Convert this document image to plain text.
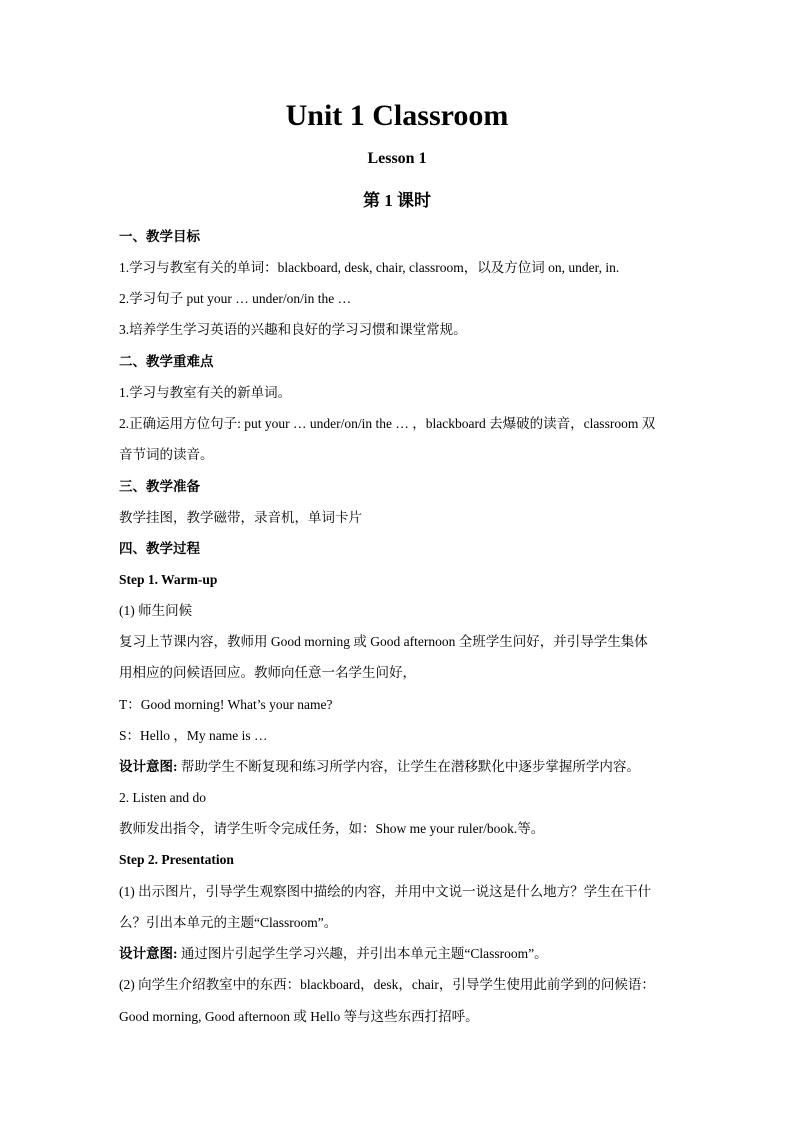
Unit 1 Classroom
Lesson 1
第 1 课时
一、教学目标
1.学习与教室有关的单词：blackboard, desk, chair, classroom，以及方位词 on, under, in.
2.学习句子 put your … under/on/in the …
3.培养学生学习英语的兴趣和良好的学习习惯和课堂常规。
二、教学重难点
1.学习与教室有关的新单词。
2.正确运用方位句子: put your … under/on/in the … ，blackboard 去爆破的读音，classroom 双
音节词的读音。
三、教学准备
教学挂图，教学磁带，录音机，单词卡片
四、教学过程
Step 1. Warm-up
(1) 师生问候
复习上节课内容，教师用 Good morning 或 Good afternoon 全班学生问好，并引导学生集体
用相应的问候语回应。教师向任意一名学生问好，
T：Good morning! What’s your name?
S：Hello ，My name is …
设计意图: 帮助学生不断复现和练习所学内容，让学生在潜移默化中逐步掌握所学内容。
2. Listen and do
教师发出指令，请学生听令完成任务，如：Show me your ruler/book.等。
Step 2. Presentation
(1) 出示图片，引导学生观察图中描绘的内容，并用中文说一说这是什么地方？学生在干什
么？引出本单元的主题“Classroom”。
设计意图: 通过图片引起学生学习兴趣，并引出本单元主题“Classroom”。
(2) 向学生介绍教室中的东西：blackboard，desk，chair，引导学生使用此前学到的问候语：
Good morning, Good afternoon 或 Hello 等与这些东西打招呼。
